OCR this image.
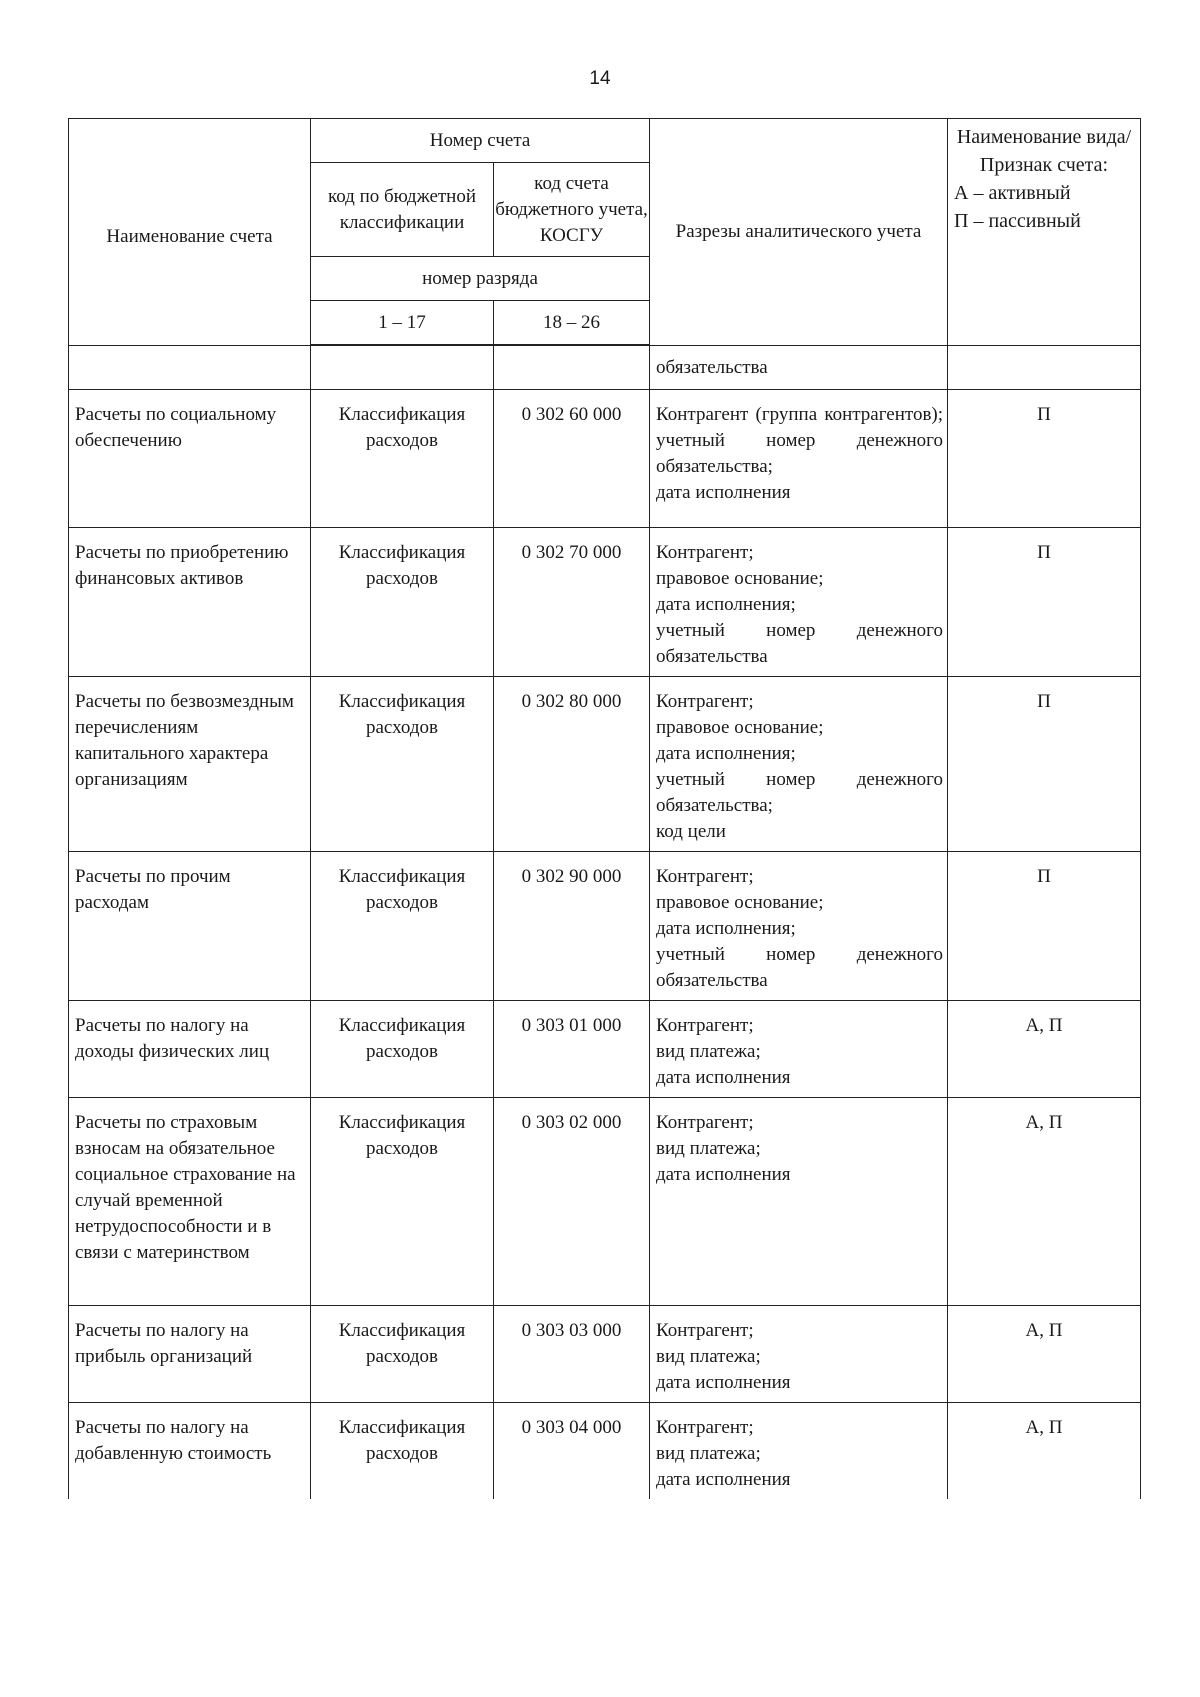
14
Наименование счета	Номер счета		Разрезы аналитического учета	Наименование вида/Признак счета:
А – активный
П – пассивный

	код по бюджетной классификации	код счета бюджетного учета, КОСГУ		
	номер разряда			
	1 – 17	18 – 26		

			обязательства	
Расчеты по социальному обеспечению	Классификация расходов	0 302 60 000	Контрагент (группа контрагентов);
учетный номер денежного обязательства;
дата исполнения	П
Расчеты по приобретению финансовых активов	Классификация расходов	0 302 70 000	Контрагент;
правовое основание;
дата исполнения;
учетный номер денежного обязательства	П
Расчеты по безвозмездным перечислениям капитального характера организациям	Классификация расходов	0 302 80 000	Контрагент;
правовое основание;
дата исполнения;
учетный номер денежного обязательства;
код цели	П
Расчеты по прочим расходам	Классификация расходов	0 302 90 000	Контрагент;
правовое основание;
дата исполнения;
учетный номер денежного обязательства	П
Расчеты по налогу на доходы физических лиц	Классификация расходов	0 303 01 000	Контрагент;
вид платежа;
дата исполнения	А, П
Расчеты по страховым взносам на обязательное социальное страхование на случай временной нетрудоспособности и в связи с материнством	Классификация расходов	0 303 02 000	Контрагент;
вид платежа;
дата исполнения	А, П
Расчеты по налогу на прибыль организаций	Классификация расходов	0 303 03 000	Контрагент;
вид платежа;
дата исполнения	А, П
Расчеты по налогу на добавленную стоимость	Классификация расходов	0 303 04 000	Контрагент;
вид платежа;
дата исполнения	А, П
